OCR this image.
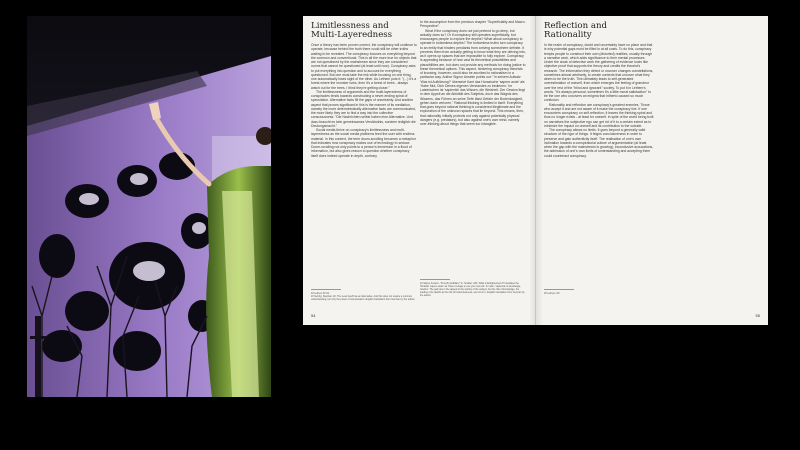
Limitlessness and
Multi-Layeredness

Once a theory has been proven correct, the conspiracy will continue to operate, because behind the truth there could still be other truths waiting to be revealed. The conspiracy focuses on everything beyond the common and conventional. This is all the more true for objects that are not questioned by the mainstream since they are considered norms that cannot be questioned (at least until now). Conspiracy asks to put everything into question and to account for everything questioned. But one must take the risk while focusing on one thing, one automatically loses sight of the other. As Lethem puts it: "(...) it's a forest where the monster lurks, then it's a forest of trees - always watch out for the trees, I think they're getting closer."

The limitlessness of arguments and the multi-layeredness of conspiracies tends towards constructing a never-ending spiral of speculation. Alternative facts fill the gaps of uncertainty. And another aspect that proves significant in this is the manner of its mediation, namely the more deterministically alternative facts are communicated, the more likely they are to find a way into the collective consciousness: "Die Nachrichten selbst haben eine Alternative. Und dazu braucht es kein gemeinsames Verständnis, sondern lediglich die Deutungsmacht."

Social media thrive on conspiracy's limitlessness and multi-layeredness as the social media platforms feed the user with endless material. In this context, the term doom-scrolling becomes a metaphor that indicates how conspiracy makes use of technology to seduce. Doom-scrolling not only points to a person's immersion in a flood of information, but also gives reason to question whether conspiracy itself does indeed operate in depth, contrary

22 Lethem 87-91.
23 Gehrig, Stephan: 22. The news itself has an alternative. And this does not require a common understanding, but only the power of interpretation. English translation from German by the author.

to the assumption from the previous chapter "Superficiality and Macro-Perspective".

What if the conspiracy does not just pretend to go deep, but actually does so? Or if conspiracy still operates superficially, but encourages people to explore the depths? What about conspiracy to operate in bottomless depths? The bottomless truths turn conspiracy to an entity that hinders pendants from arriving somewhere definite. It prevents them from actually getting to know what they are delving into, as it opens up spaces that are impossible to fully explore. Conspiracy is appealing because of how vast its theoretical possibilities and plausibilities are, but does not provide any methods for doing justice to these theoretical options. This aspect, hindering conspiracy theorists of knowing, however, could also be ascribed to rationalism in a particular way. Author Sigrun Anselm points out: "In seinem Aufsatz 'Was ist Aufklärung?' übersetzt Kant das Horazische 'sapere aude' als 'Habe Mut, Dich Deines eigenen Verstandes zu bedienen.' Im Lateinischen ist 'sapientia' das Wissen, die Weisheit. Der Gewinn liegt in dem Appell an die Aktivität des Subjekts, doch das Wagnis des Wissens, das Führen an seine Tiefe lässt Gefahr der Bodenlosigkeit, gehen darin verloren." Rational thinking is limited in itself. Everything that goes beyond rational thinking is considered illegitimate and the exploration of the unknown spaces that lie beyond. This means, then, that rationality initially protects not only against potentially physical dangers (e.g. predators), but also against one's own mind, namely over-thinking about things that seem too intangible.

24 Sigrun Anselm, "Froschs Aufklärer" in: Nodder, 180. What is Enlightenment? translates the Horatian 'sapere aude' as 'Have courage to use your own wit.' In Latin, 'sapientia' is knowledge, wisdom. The gain lies in the appeal to the activity of the subject, but the risk of knowledge, the leading of its depths at the risk of bottomlessness, are lost in it. English translation from German by the author.
54
Reflection and
Rationality

In the realm of conspiracy, doubt and uncertainty have no place and that is why potential gaps must be filled in at all costs. To do this, conspiracy tempts people to construct their own (distorted) realities, usually through a narrative work, which adds significance to their mental processes. Under the cloak of detective work the gathering of evidence looks like objective proof that supports the theory and credits the theorist's research. The information they detect or uncover changes constellations, sometimes almost arbitrarily, to create contexts that uncover what they deem to be the truth. This ultimately leads to self-generated overestimation of oneself, from which emerges the feeling of grandeur over the rest of the "blind and ignorant" society. To put it in Lethem's words, "It's always personal, sometimes it's a little moral satisfaction" to be the one who uncovers an enigma that hitherto caused so much confusion.

Rationality and reflection are conspiracy's greatest enemies. Those who accept it and are not aware of it make the conspiracy live. If one encounters conspiracy on self-reflection, it leaves the thinking spiral and thus no longer exists - at least for oneself. In spite of the world being built on narratives the subjective ego can get rid of it to a certain extent as to minimize the impact on oneself and its contribution to the outside.

The conspiracy allows no limits. It goes beyond a generally valid structure of the rigor of things. It feigns conclusiveness in order to preserve and gain authenticity itself. The realisation of one's own inclination towards a conspiratorial culture of argumentation (at least when the gap with the mainstream is growing), inconclusive accusations, the admission of one's own limits of understanding and accepting them could counteract conspiracy.

25 Lethem, 80.
55
